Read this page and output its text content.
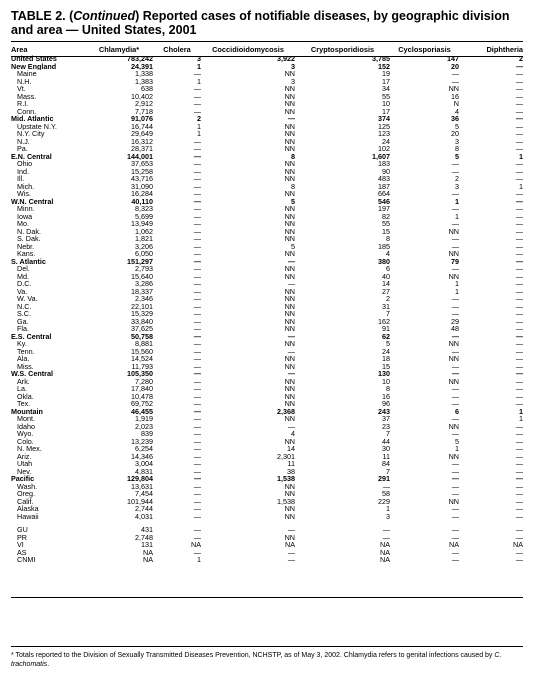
TABLE 2. (Continued) Reported cases of notifiable diseases, by geographic division and area — United States, 2001
Area	Chlamydia*	Cholera	Coccidioidomycosis	Cryptosporidiosis	Cyclosporiasis	Diphtheria
United States	783,242	3	3,922	3,785	147	2
New England	24,391	1	3	152	20	—
Maine	1,338	—	NN	19	—	—
N.H.	1,383	1	3	17	—	—
Vt.	638	—	NN	34	NN	—
Mass.	10,402	—	NN	55	16	—
R.I.	2,912	—	NN	10	N	—
Conn.	7,718	—	NN	17	4	—
Mid. Atlantic	91,076	2	—	374	36	—
Upstate N.Y.	16,744	1	NN	125	5	—
N.Y. City	29,649	1	NN	123	20	—
N.J.	16,312	—	NN	24	3	—
Pa.	28,371	—	NN	102	8	—
E.N. Central	144,001	—	8	1,607	5	1
Ohio	37,653	—	NN	183	—	—
Ind.	15,258	—	NN	90	—	—
Ill.	43,716	—	NN	483	2	—
Mich.	31,090	—	8	187	3	1
Wis.	16,284	—	NN	664	—	—
W.N. Central	40,110	—	5	546	1	—
Minn.	8,323	—	NN	197	—	—
Iowa	5,699	—	NN	82	1	—
Mo.	13,949	—	NN	55	—	—
N. Dak.	1,062	—	NN	15	NN	—
S. Dak.	1,821	—	NN	8	—	—
Nebr.	3,206	—	5	185	—	—
Kans.	6,050	—	NN	4	NN	—
S. Atlantic	151,297	—	—	380	79	—
Del.	2,793	—	NN	6	—	—
Md.	15,640	—	NN	40	NN	—
D.C.	3,286	—	—	14	1	—
Va.	18,337	—	NN	27	1	—
W. Va.	2,346	—	NN	2	—	—
N.C.	22,101	—	NN	31	—	—
S.C.	15,329	—	NN	7	—	—
Ga.	33,840	—	NN	162	29	—
Fla.	37,625	—	NN	91	48	—
E.S. Central	50,758	—	—	62	—	—
Ky.	8,881	—	NN	5	NN	—
Tenn.	15,560	—	—	24	—	—
Ala.	14,524	—	NN	18	NN	—
Miss.	11,793	—	NN	15	—	—
W.S. Central	105,350	—	—	130	—	—
Ark.	7,280	—	NN	10	NN	—
La.	17,840	—	NN	8	—	—
Okla.	10,478	—	NN	16	—	—
Tex.	69,752	—	NN	96	—	—
Mountain	46,455	—	2,368	243	6	1
Mont.	1,919	—	NN	37	—	1
Idaho	2,023	—	—	23	NN	—
Wyo.	839	—	4	7	—	—
Colo.	13,239	—	NN	44	5	—
N. Mex.	6,254	—	14	30	1	—
Ariz.	14,346	—	2,301	11	NN	—
Utah	3,004	—	11	84	—	—
Nev.	4,831	—	38	7	—	—
Pacific	129,804	—	1,538	291	—	—
Wash.	13,631	—	NN	—	—	—
Oreg.	7,454	—	NN	58	—	—
Calif.	101,944	—	1,538	229	NN	—
Alaska	2,744	—	NN	1	—	—
Hawaii	4,031	—	NN	3	—	—

GU	431	—	—	—	—	—
PR	2,748	—	NN	—	—	—
VI	131	NA	NA	NA	NA	NA
AS	NA	—	—	NA	—	—
CNMI	NA	1	—	NA	—	—
* Totals reported to the Division of Sexually Transmitted Diseases Prevention, NCHSTP, as of May 3, 2002. Chlamydia refers to genital infections caused by C. trachomatis.
